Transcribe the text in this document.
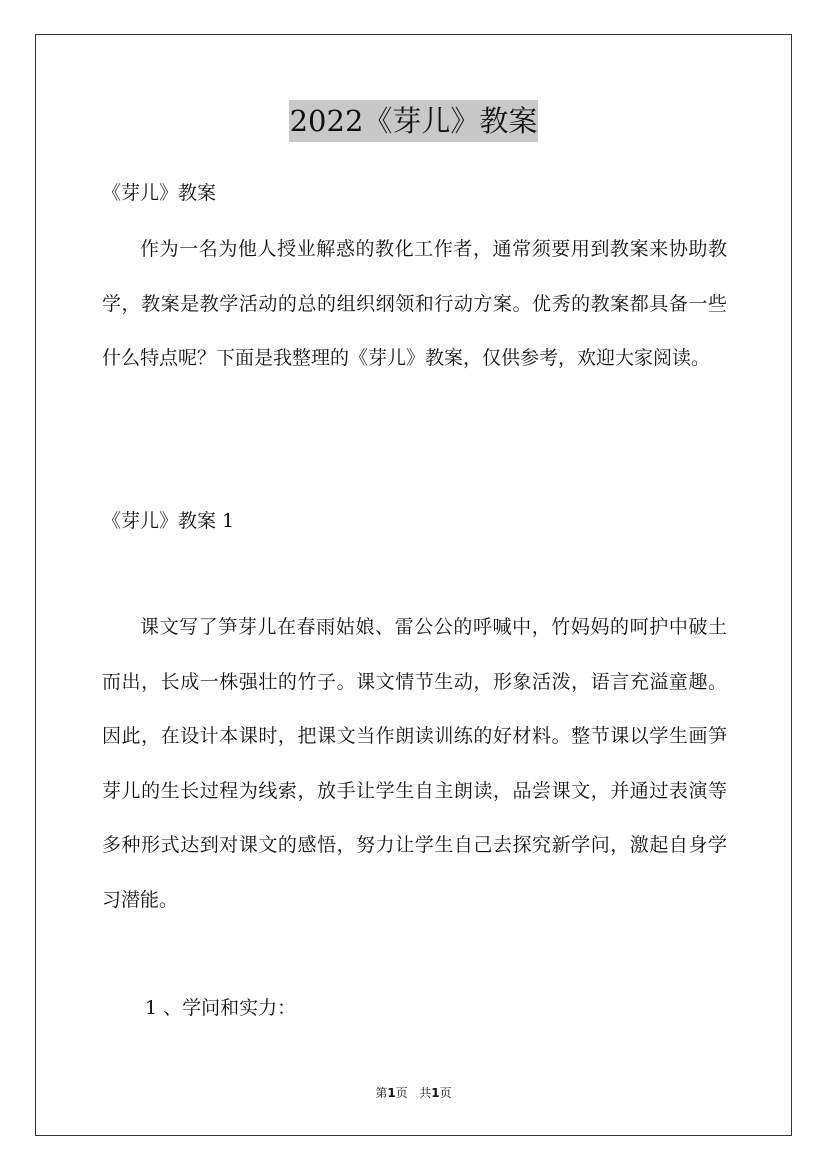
2022《芽儿》教案

《芽儿》教案

作为一名为他人授业解惑的教化工作者，通常须要用到教案来协助教学，教案是教学活动的总的组织纲领和行动方案。优秀的教案都具备一些什么特点呢？下面是我整理的《芽儿》教案，仅供参考，欢迎大家阅读。

《芽儿》教案 1

课文写了笋芽儿在春雨姑娘、雷公公的呼喊中，竹妈妈的呵护中破土而出，长成一株强壮的竹子。课文情节生动，形象活泼，语言充溢童趣。因此，在设计本课时，把课文当作朗读训练的好材料。整节课以学生画笋芽儿的生长过程为线索，放手让学生自主朗读，品尝课文，并通过表演等多种形式达到对课文的感悟，努力让学生自己去探究新学问，激起自身学习潜能。

1 、学问和实力：

第1页 共1页
